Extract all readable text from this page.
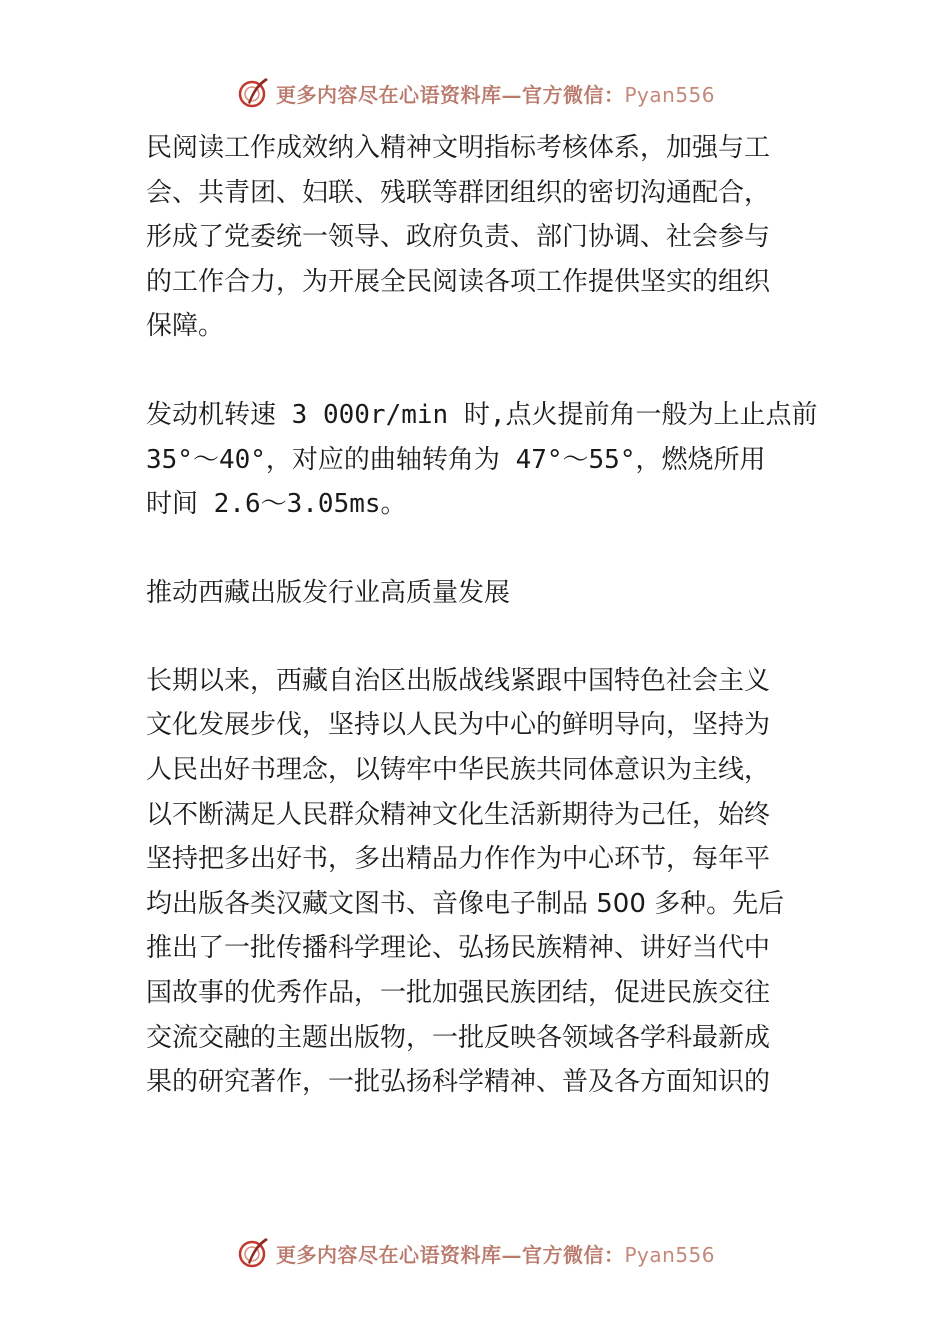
更多内容尽在心语资料库—官方微信：Pyan556

民阅读工作成效纳入精神文明指标考核体系，加强与工
会、共青团、妇联、残联等群团组织的密切沟通配合，
形成了党委统一领导、政府负责、部门协调、社会参与
的工作合力，为开展全民阅读各项工作提供坚实的组织
保障。

发动机转速 3 000r/min 时,点火提前角一般为上止点前
35°～40°，对应的曲轴转角为 47°～55°，燃烧所用
时间 2.6～3.05ms。

推动西藏出版发行业高质量发展

长期以来，西藏自治区出版战线紧跟中国特色社会主义
文化发展步伐，坚持以人民为中心的鲜明导向，坚持为
人民出好书理念，以铸牢中华民族共同体意识为主线，
以不断满足人民群众精神文化生活新期待为己任，始终
坚持把多出好书，多出精品力作作为中心环节，每年平
均出版各类汉藏文图书、音像电子制品 500 多种。先后
推出了一批传播科学理论、弘扬民族精神、讲好当代中
国故事的优秀作品，一批加强民族团结，促进民族交往
交流交融的主题出版物，一批反映各领域各学科最新成
果的研究著作，一批弘扬科学精神、普及各方面知识的

更多内容尽在心语资料库—官方微信：Pyan556
